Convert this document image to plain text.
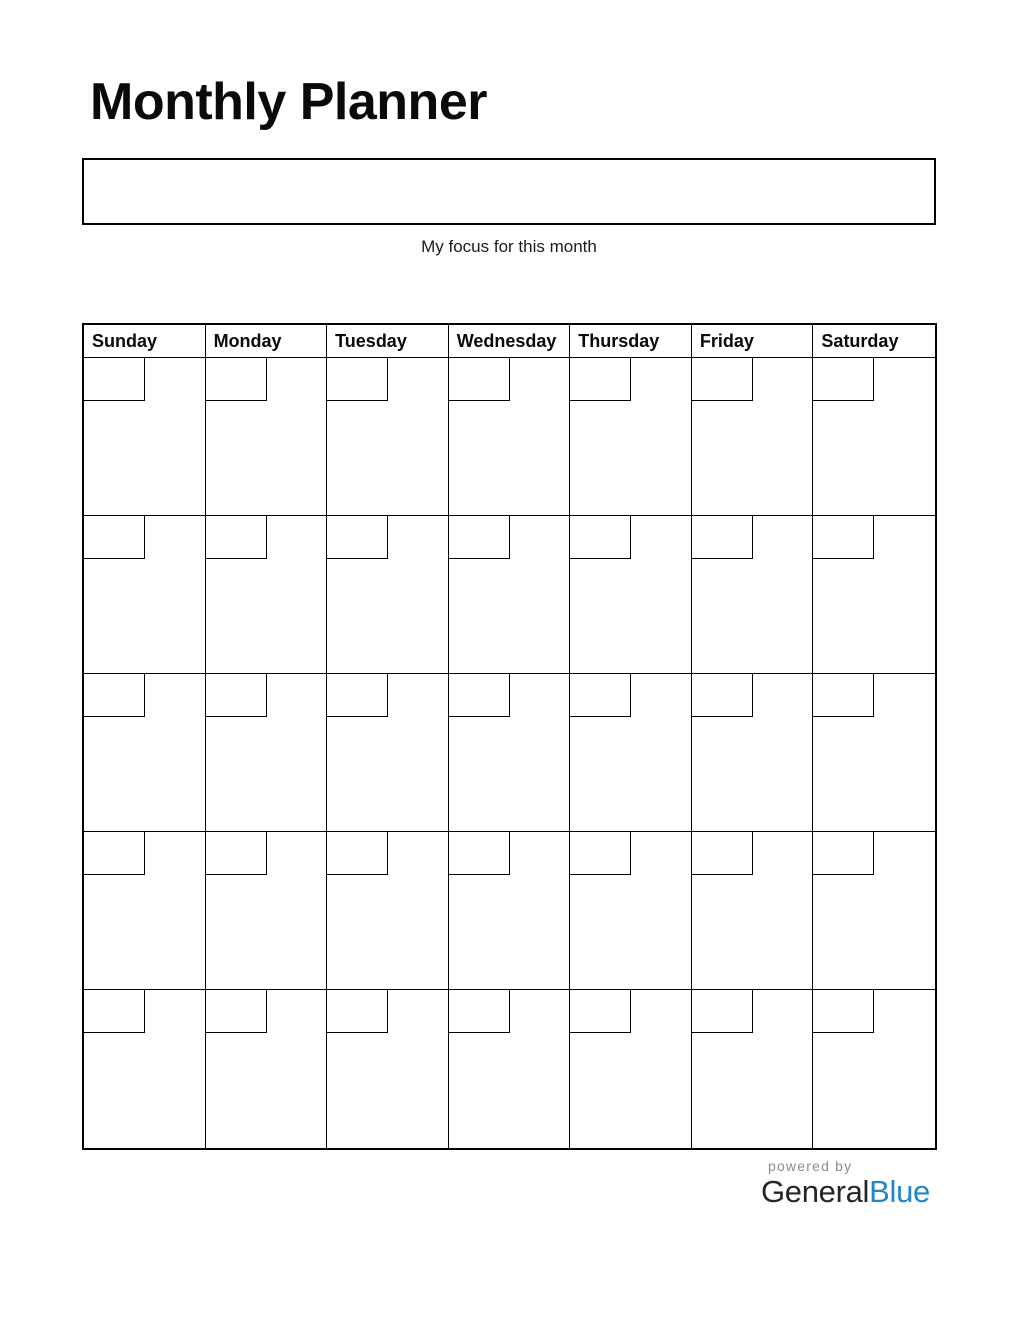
Monthly Planner
My focus for this month
Sunday	Monday	Tuesday	Wednesday	Thursday	Friday	Saturday
powered by
GeneralBlue
